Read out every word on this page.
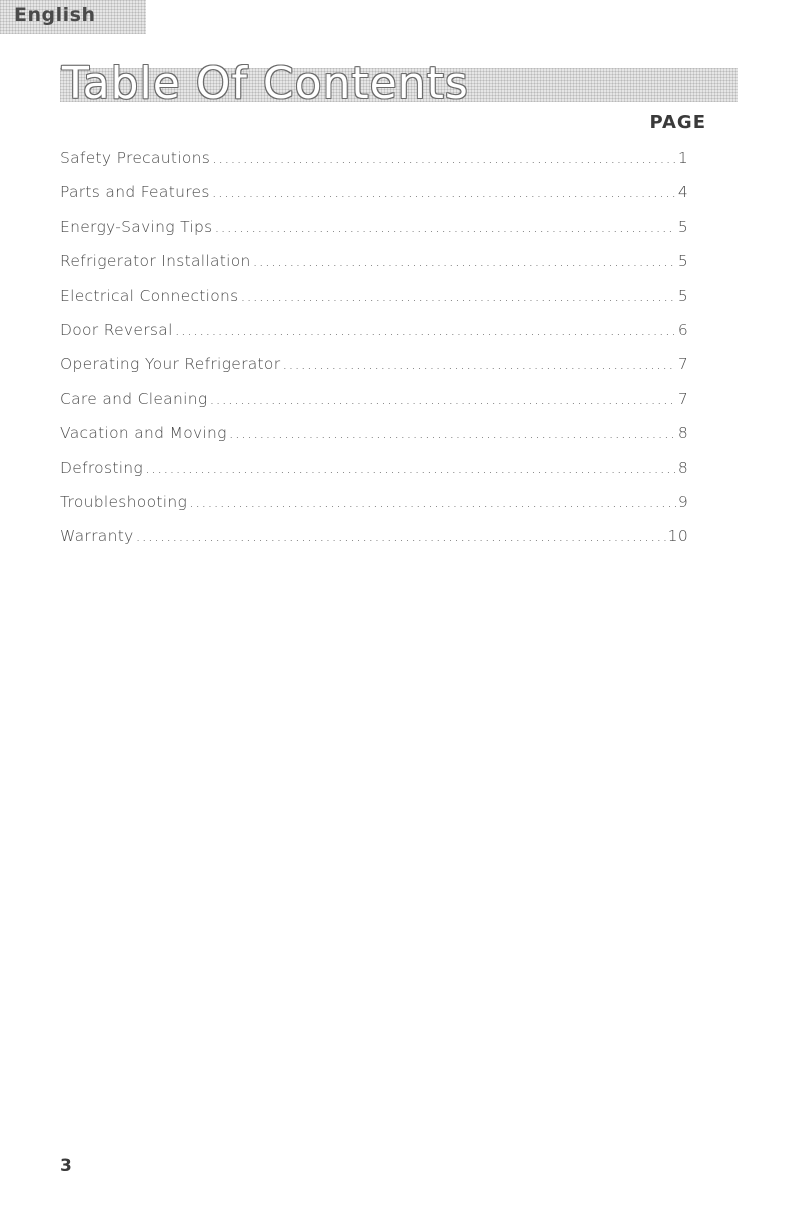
English
Table Of Contents
PAGE
Safety Precautions .....	1
Parts and Features .....	4
Energy-Saving Tips .....	5
Refrigerator Installation .....	5
Electrical Connections .....	5
Door Reversal .....	6
Operating Your Refrigerator .....	7
Care and Cleaning .....	7
Vacation and Moving .....	8
Defrosting .....	8
Troubleshooting .....	9
Warranty .....	10
3
